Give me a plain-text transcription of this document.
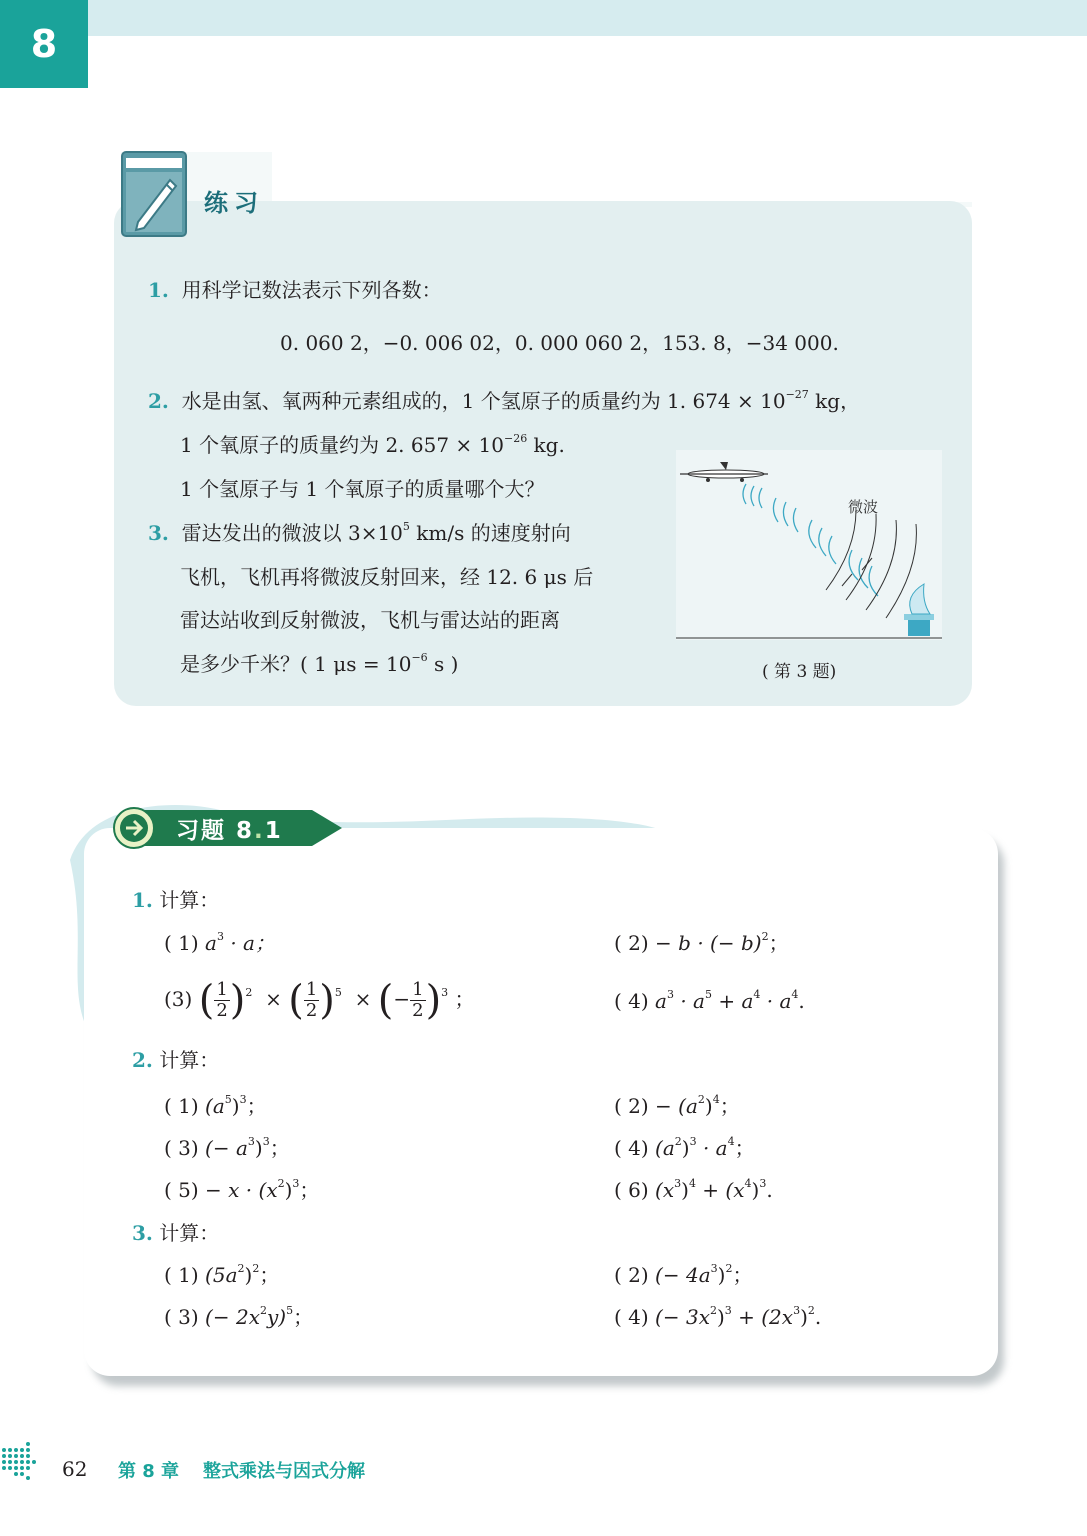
8
练习
1. 用科学记数法表示下列各数：
0. 060 2，−0. 006 02，0. 000 060 2，153. 8，−34 000.
2. 水是由氢、氧两种元素组成的，1 个氢原子的质量约为 1. $674 \times 10^{-27}$ kg，
1 个氧原子的质量约为 2. $657 \times 10^{-26}$ kg.
1 个氢原子与 1 个氧原子的质量哪个大？
3. 雷达发出的微波以 $3\times 10^5$ km/s 的速度射向
飞机，飞机再将微波反射回来，经 12. 6 μs 后
雷达站收到反射微波，飞机与雷达站的距离
是多少千米？( 1 $\mu s = 10^{-6}$ s )
微波
( 第 3 题)
习题 8.1
1. 计算：
( 1) $a^3 \cdot a$；	( 2) − b · (− b)$^2$；
(3) ( $\frac{1}{2} )^2$ × ( $\frac{1}{2} )^5$ × (− $\frac{1}{2} )^3$ ；	( 4) $a^3 \cdot a^5 + a^4 \cdot a^4$.
2. 计算：
( 1) $(a^5)^3$；	( $2) - (a^2)^4$；
( 3) (− $a^3)^3$；	( 4) $(a^2)^3 \cdot a^4$；
( $5) - x \cdot (x^2)^3$；	( 6) $(x^3)^4 + (x^4)^3$.
3. 计算：
( 1) $(5a^2)^2$；	( 2) (− $4a^3)^2$；
( 3) (− $2x^2y)^5$；	( 4) (− $3x^2)^3 + (2x^3)^2$.
62 第 8 章 整式乘法与因式分解
